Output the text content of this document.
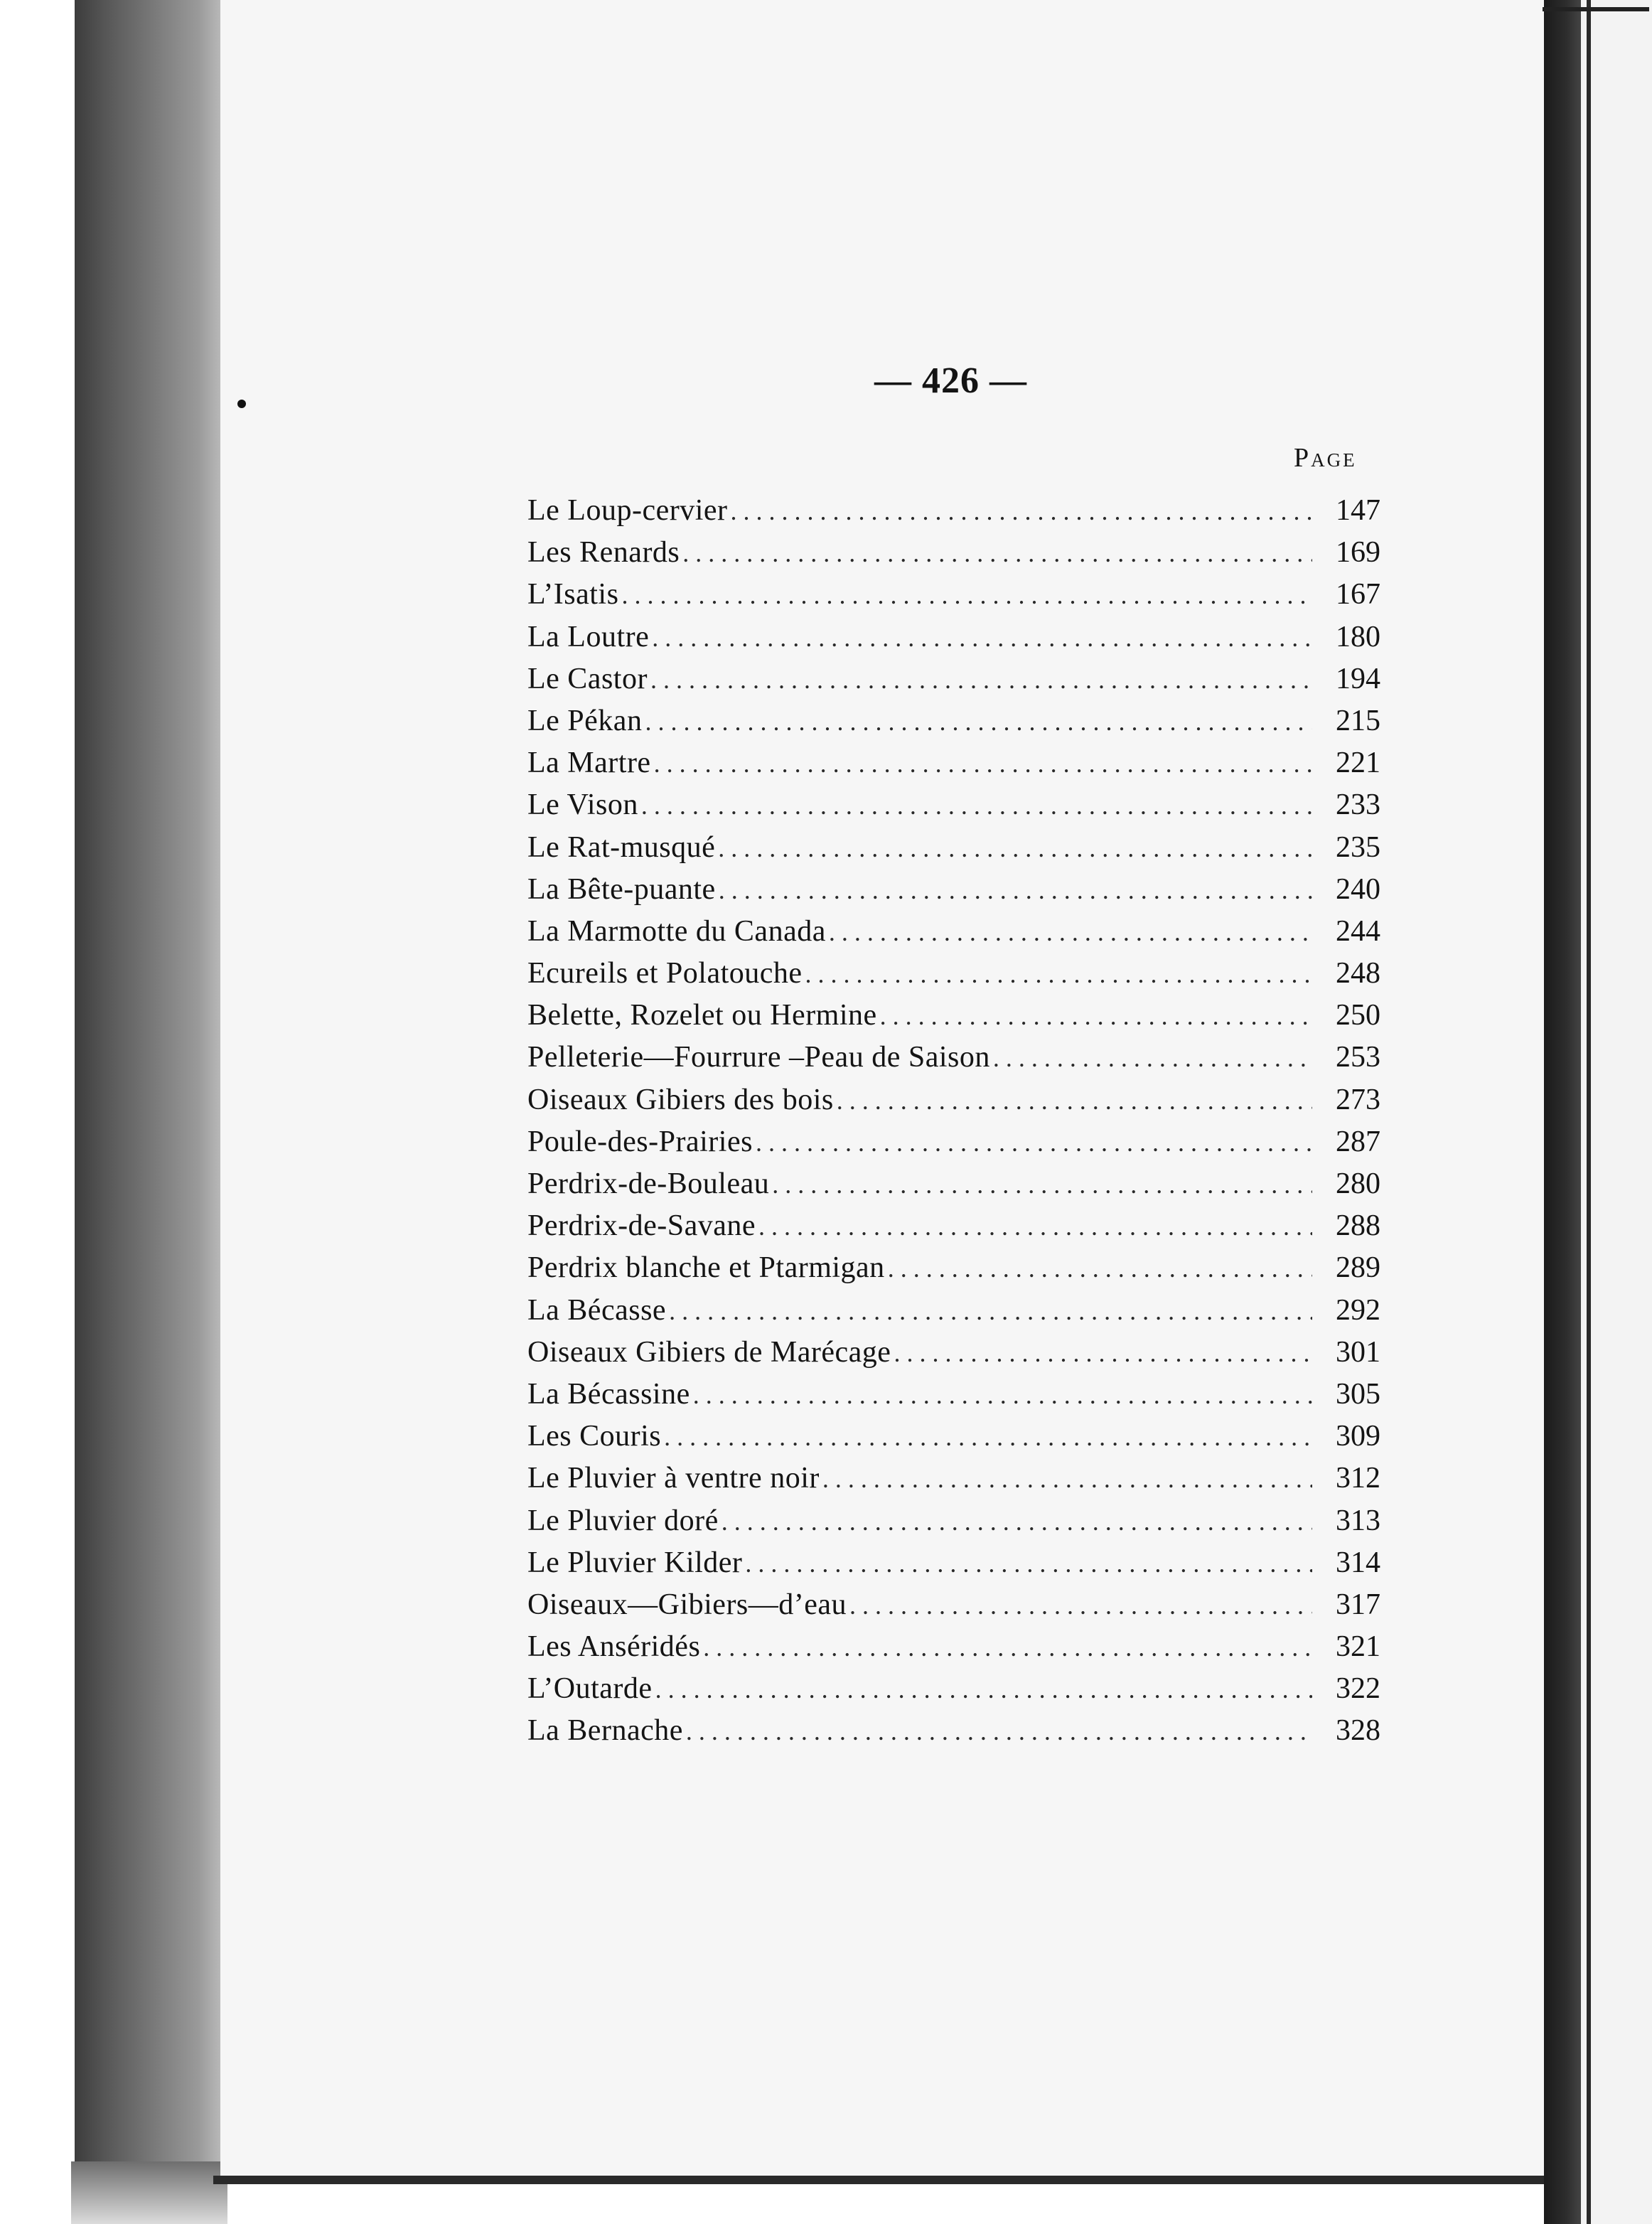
— 426 —
Page
Le Loup-cervier . . .	147
Les Renards . . .	169
L’Isatis . . .	167
La Loutre . . .	180
Le Castor . . .	194
Le Pékan . . .	215
La Martre . . .	221
Le Vison . . .	233
Le Rat-musqué . . .	235
La Bête-puante . . .	240
La Marmotte du Canada . . .	244
Ecureils et Polatouche . . .	248
Belette, Rozelet ou Hermine . . .	250
Pelleterie—Fourrure –Peau de Saison . . .	253
Oiseaux Gibiers des bois . . .	273
Poule-des-Prairies . . .	287
Perdrix-de-Bouleau . . .	280
Perdrix-de-Savane . . .	288
Perdrix blanche et Ptarmigan . . .	289
La Bécasse . . .	292
Oiseaux Gibiers de Marécage . . .	301
La Bécassine . . .	305
Les Couris . . .	309
Le Pluvier à ventre noir . . .	312
Le Pluvier doré . . .	313
Le Pluvier Kilder . . .	314
Oiseaux—Gibiers—d’eau . . .	317
Les Anséridés . . .	321
L’Outarde . . .	322
La Bernache . . .	328
